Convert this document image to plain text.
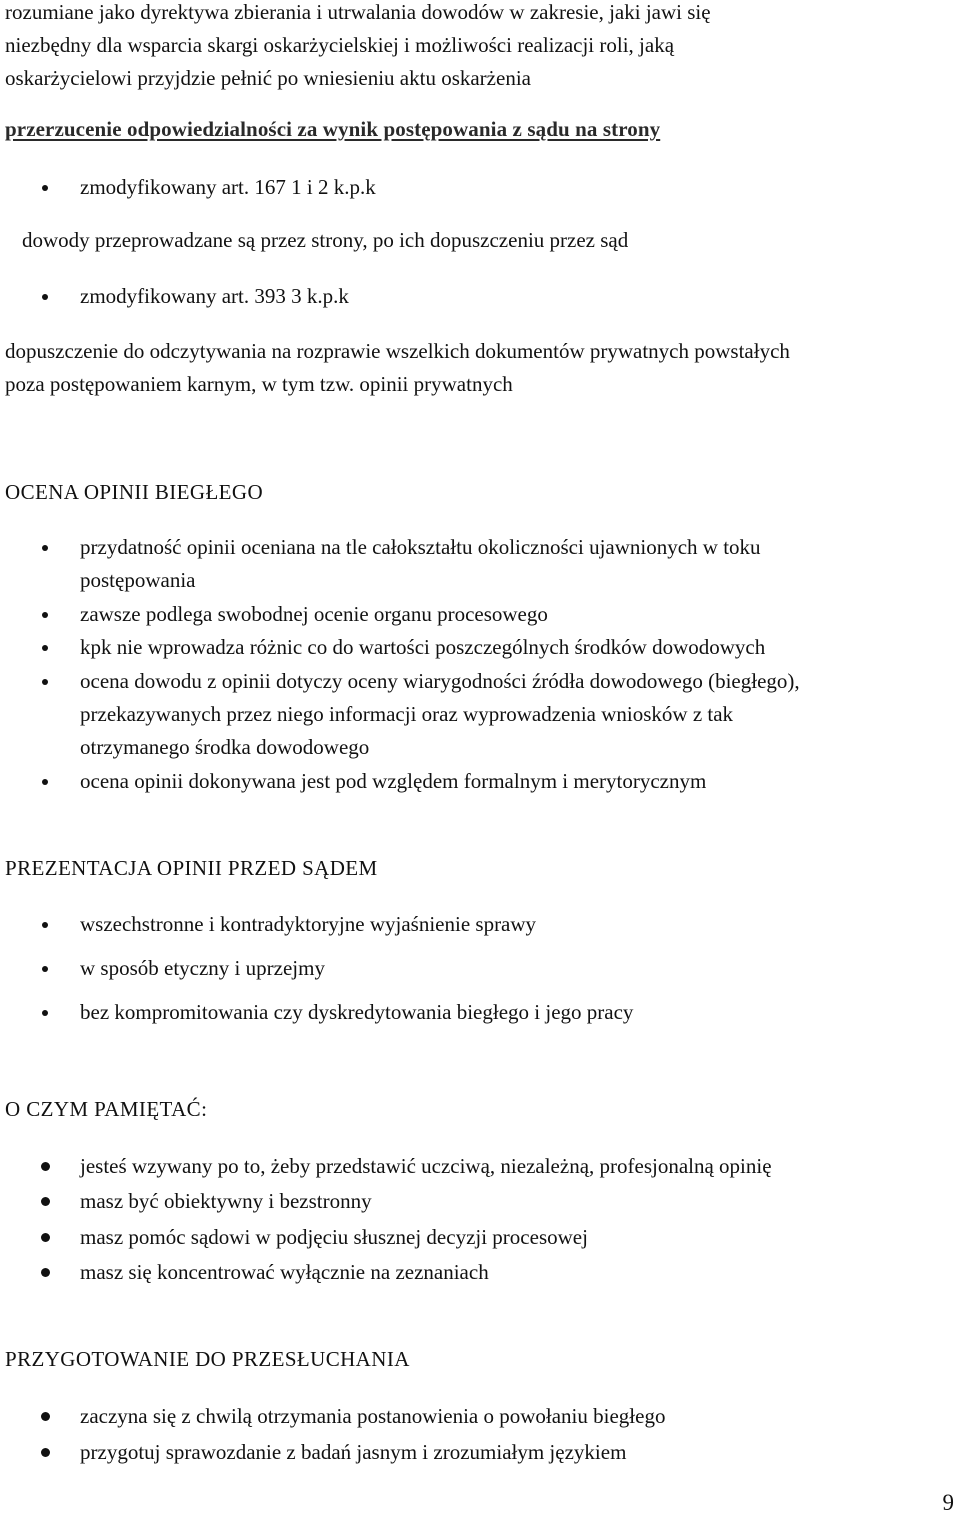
rozumiane jako dyrektywa zbierania i utrwalania dowodów w zakresie, jaki jawi się
niezbędny dla wsparcia skargi oskarżycielskiej i możliwości realizacji roli, jaką
oskarżycielowi przyjdzie pełnić po wniesieniu aktu oskarżenia
przerzucenie odpowiedzialności za wynik postępowania z sądu na strony
zmodyfikowany art. 167 1 i 2 k.p.k
dowody przeprowadzane są przez strony, po ich dopuszczeniu przez sąd
zmodyfikowany art. 393 3 k.p.k
dopuszczenie do odczytywania na rozprawie wszelkich dokumentów prywatnych powstałych
poza postępowaniem karnym, w tym tzw. opinii prywatnych
OCENA OPINII BIEGŁEGO
przydatność opinii oceniana na tle całokształtu okoliczności ujawnionych w toku
postępowania
zawsze podlega swobodnej ocenie organu procesowego
kpk nie wprowadza różnic co do wartości poszczególnych środków dowodowych
ocena dowodu z opinii dotyczy oceny wiarygodności źródła dowodowego (biegłego),
przekazywanych przez niego informacji oraz wyprowadzenia wniosków z tak
otrzymanego środka dowodowego
ocena opinii dokonywana jest pod względem formalnym i merytorycznym
PREZENTACJA OPINII PRZED SĄDEM
wszechstronne i kontradyktoryjne wyjaśnienie sprawy
w sposób etyczny i uprzejmy
bez kompromitowania czy dyskredytowania biegłego i jego pracy
O CZYM PAMIĘTAĆ:
jesteś wzywany po to, żeby przedstawić uczciwą, niezależną, profesjonalną opinię
masz być obiektywny i bezstronny
masz pomóc sądowi w podjęciu słusznej decyzji procesowej
masz się koncentrować wyłącznie na zeznaniach
PRZYGOTOWANIE DO PRZESŁUCHANIA
zaczyna się z chwilą otrzymania postanowienia o powołaniu biegłego
przygotuj sprawozdanie z badań jasnym i zrozumiałym językiem
9
